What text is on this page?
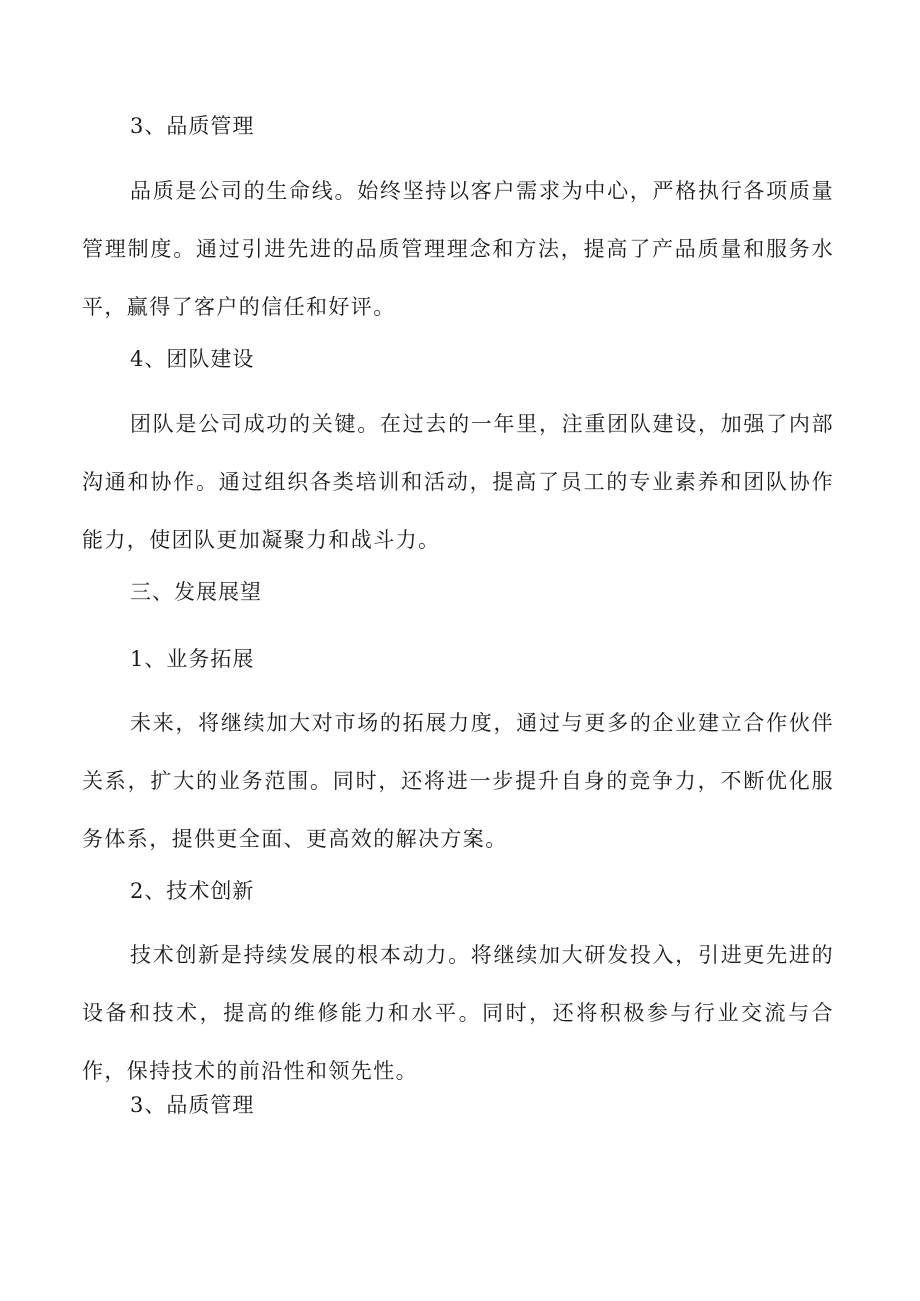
3、品质管理
品质是公司的生命线。始终坚持以客户需求为中心，严格执行各项质量管理制度。通过引进先进的品质管理理念和方法，提高了产品质量和服务水平，赢得了客户的信任和好评。
4、团队建设
团队是公司成功的关键。在过去的一年里，注重团队建设，加强了内部沟通和协作。通过组织各类培训和活动，提高了员工的专业素养和团队协作能力，使团队更加凝聚力和战斗力。
三、发展展望
1、业务拓展
未来，将继续加大对市场的拓展力度，通过与更多的企业建立合作伙伴关系，扩大的业务范围。同时，还将进一步提升自身的竞争力，不断优化服务体系，提供更全面、更高效的解决方案。
2、技术创新
技术创新是持续发展的根本动力。将继续加大研发投入，引进更先进的设备和技术，提高的维修能力和水平。同时，还将积极参与行业交流与合作，保持技术的前沿性和领先性。
3、品质管理
